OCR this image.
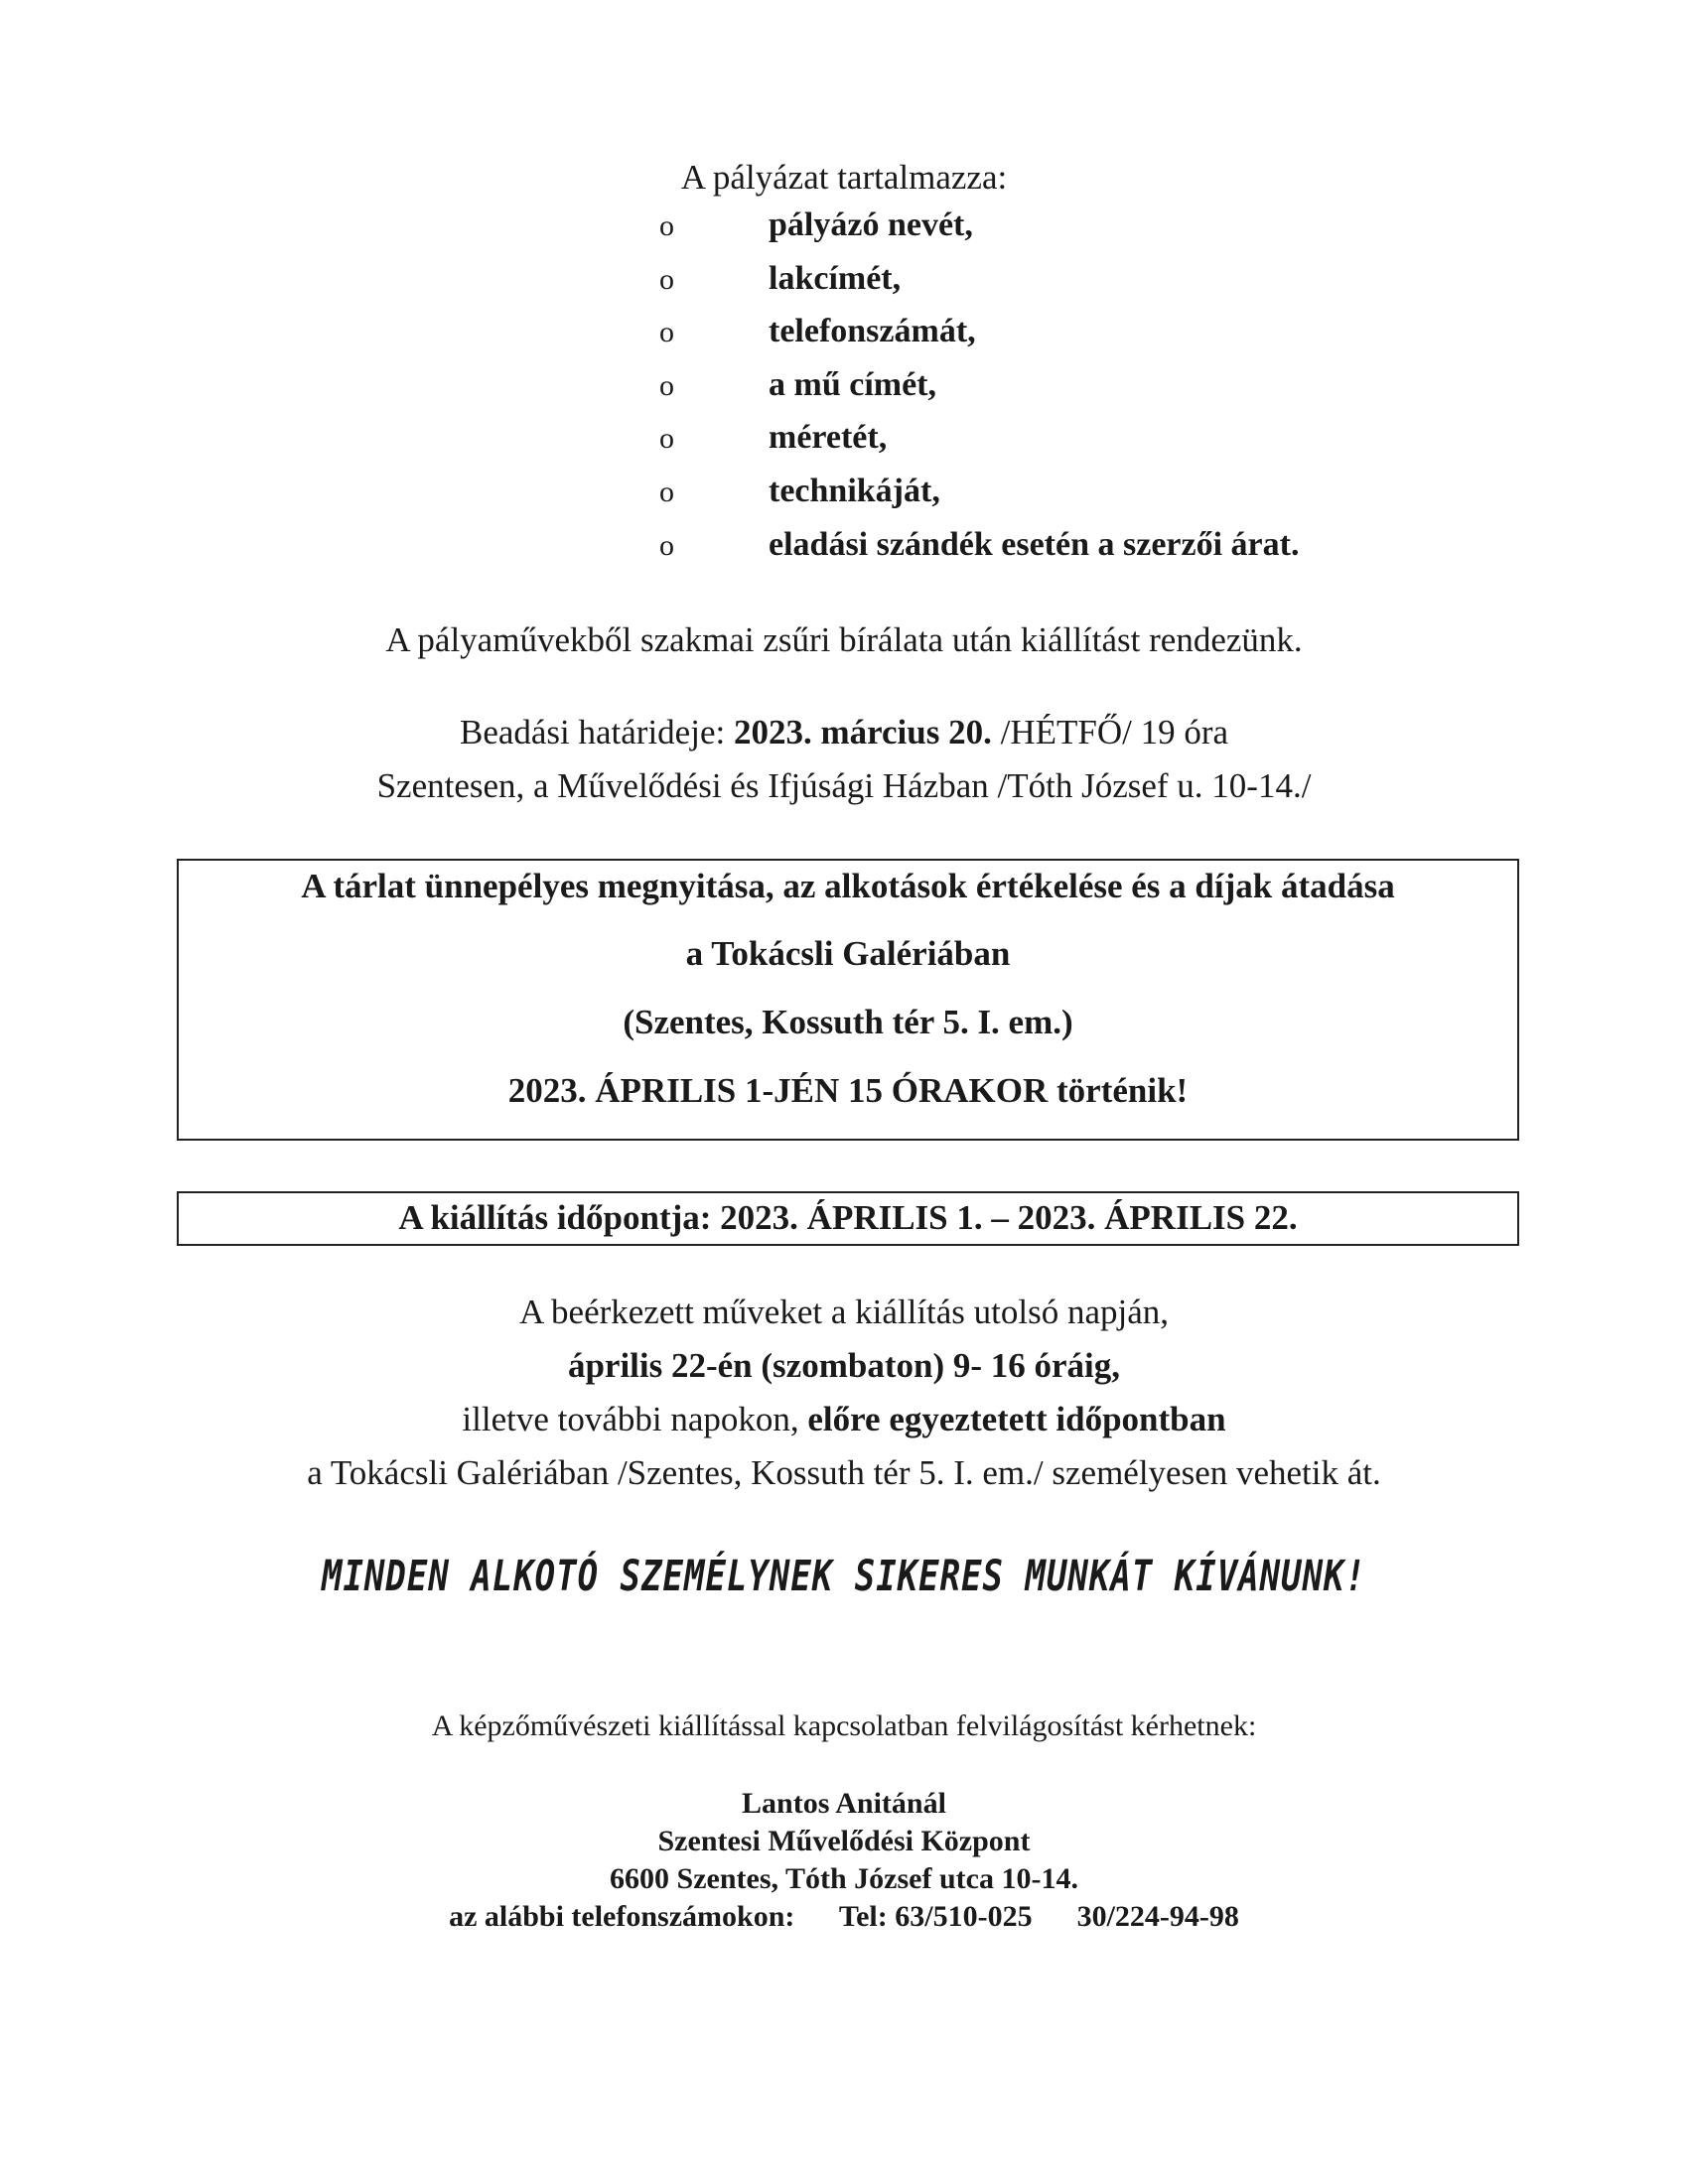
A pályázat tartalmazza:
o	pályázó nevét,
o	lakcímét,
o	telefonszámát,
o	a mű címét,
o	méretét,
o	technikáját,
o	eladási szándék esetén a szerzői árat.
A pályaművekből szakmai zsűri bírálata után kiállítást rendezünk.
Beadási határideje: 2023. március 20. /HÉTFŐ/ 19 óra
Szentesen, a Művelődési és Ifjúsági Házban /Tóth József u. 10-14./
A tárlat ünnepélyes megnyitása, az alkotások értékelése és a díjak átadása
a Tokácsli Galériában
(Szentes, Kossuth tér 5. I. em.)
2023. ÁPRILIS 1-JÉN 15 ÓRAKOR történik!
A kiállítás időpontja: 2023. ÁPRILIS 1. – 2023. ÁPRILIS 22.
A beérkezett műveket a kiállítás utolsó napján,
április 22-én (szombaton) 9- 16 óráig,
illetve további napokon, előre egyeztetett időpontban
a Tokácsli Galériában /Szentes, Kossuth tér 5. I. em./ személyesen vehetik át.
MINDEN ALKOTÓ SZEMÉLYNEK SIKERES MUNKÁT KÍVÁNUNK!
A képzőművészeti kiállítással kapcsolatban felvilágosítást kérhetnek:
Lantos Anitánál
Szentesi Művelődési Központ
6600 Szentes, Tóth József utca 10-14.
az alábbi telefonszámokon: Tel: 63/510-025 30/224-94-98
